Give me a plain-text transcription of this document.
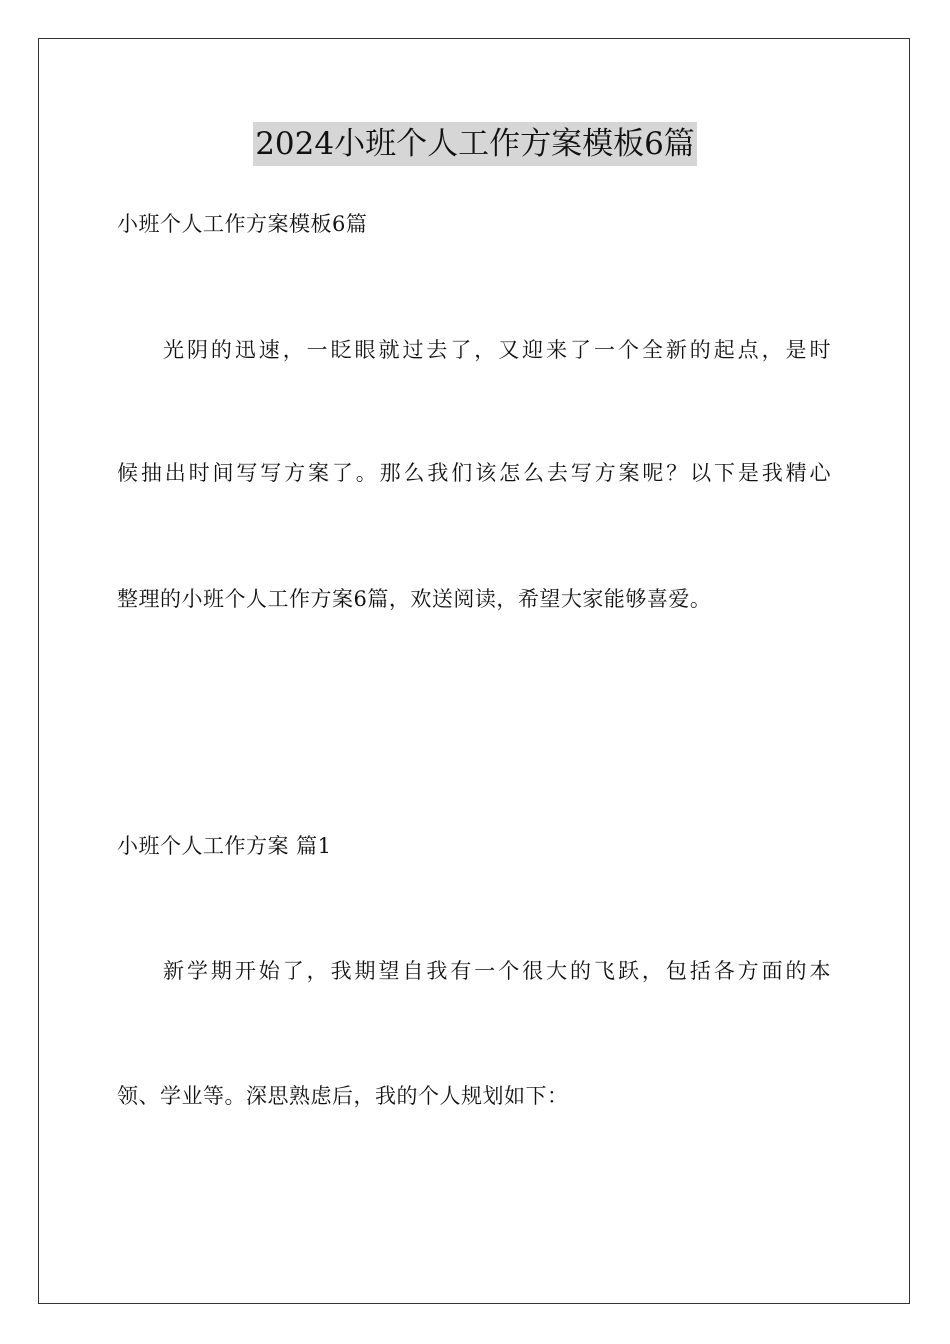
2024小班个人工作方案模板6篇
小班个人工作方案模板6篇
光阴的迅速，一眨眼就过去了，又迎来了一个全新的起点，是时
候抽出时间写写方案了。那么我们该怎么去写方案呢？以下是我精心
整理的小班个人工作方案6篇，欢送阅读，希望大家能够喜爱。
小班个人工作方案 篇1
新学期开始了，我期望自我有一个很大的飞跃，包括各方面的本
领、学业等。深思熟虑后，我的个人规划如下：
